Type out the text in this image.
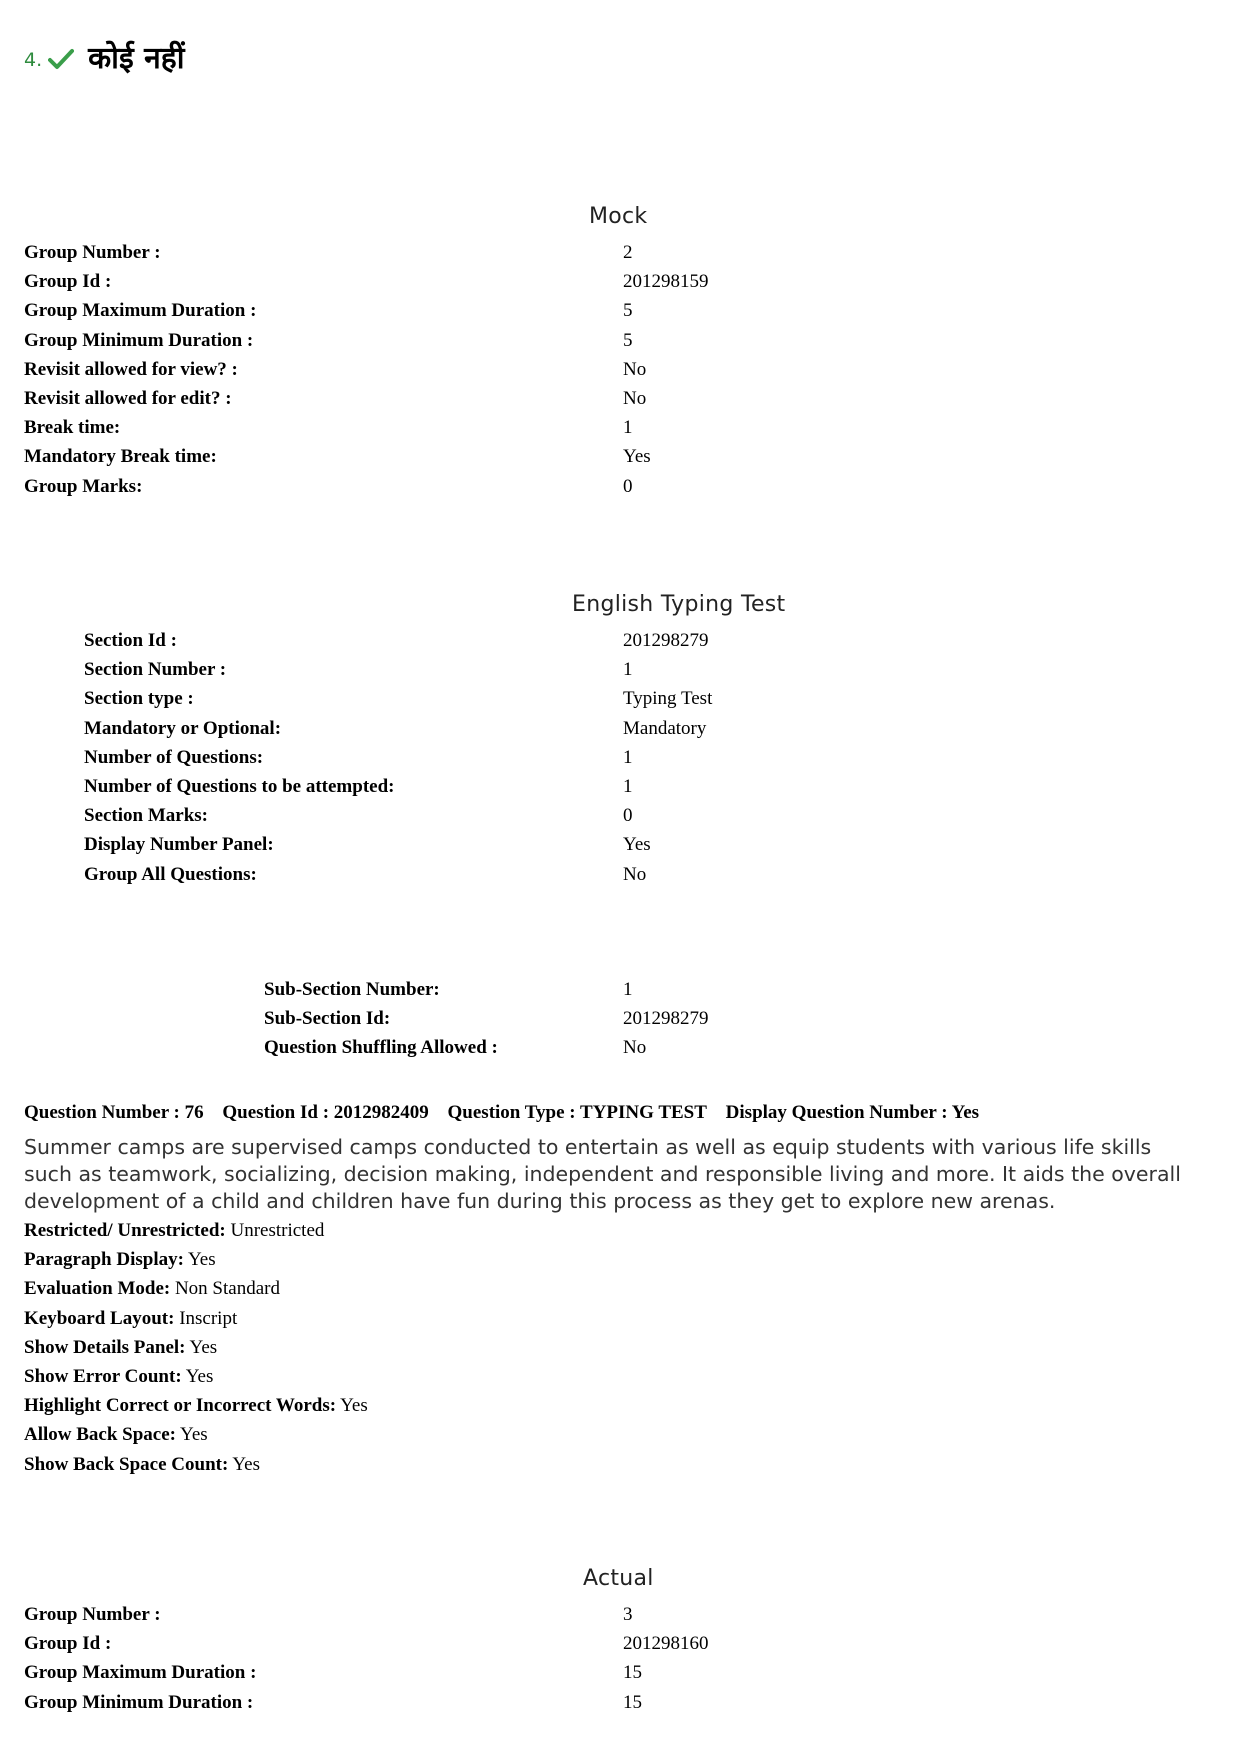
4. कोई नहीं
Mock
Group Number :	2
Group Id :	201298159
Group Maximum Duration :	5
Group Minimum Duration :	5
Revisit allowed for view? :	No
Revisit allowed for edit? :	No
Break time:	1
Mandatory Break time:	Yes
Group Marks:	0
English Typing Test
Section Id :	201298279
Section Number :	1
Section type :	Typing Test
Mandatory or Optional:	Mandatory
Number of Questions:	1
Number of Questions to be attempted:	1
Section Marks:	0
Display Number Panel:	Yes
Group All Questions:	No
Sub-Section Number:	1
Sub-Section Id:	201298279
Question Shuffling Allowed :	No
Question Number : 76 Question Id : 2012982409 Question Type : TYPING TEST Display Question Number : Yes
Summer camps are supervised camps conducted to entertain as well as equip students with various life skills such as teamwork, socializing, decision making, independent and responsible living and more. It aids the overall development of a child and children have fun during this process as they get to explore new arenas.
Restricted/ Unrestricted: Unrestricted
Paragraph Display: Yes
Evaluation Mode: Non Standard
Keyboard Layout: Inscript
Show Details Panel: Yes
Show Error Count: Yes
Highlight Correct or Incorrect Words: Yes
Allow Back Space: Yes
Show Back Space Count: Yes
Actual
Group Number :	3
Group Id :	201298160
Group Maximum Duration :	15
Group Minimum Duration :	15
